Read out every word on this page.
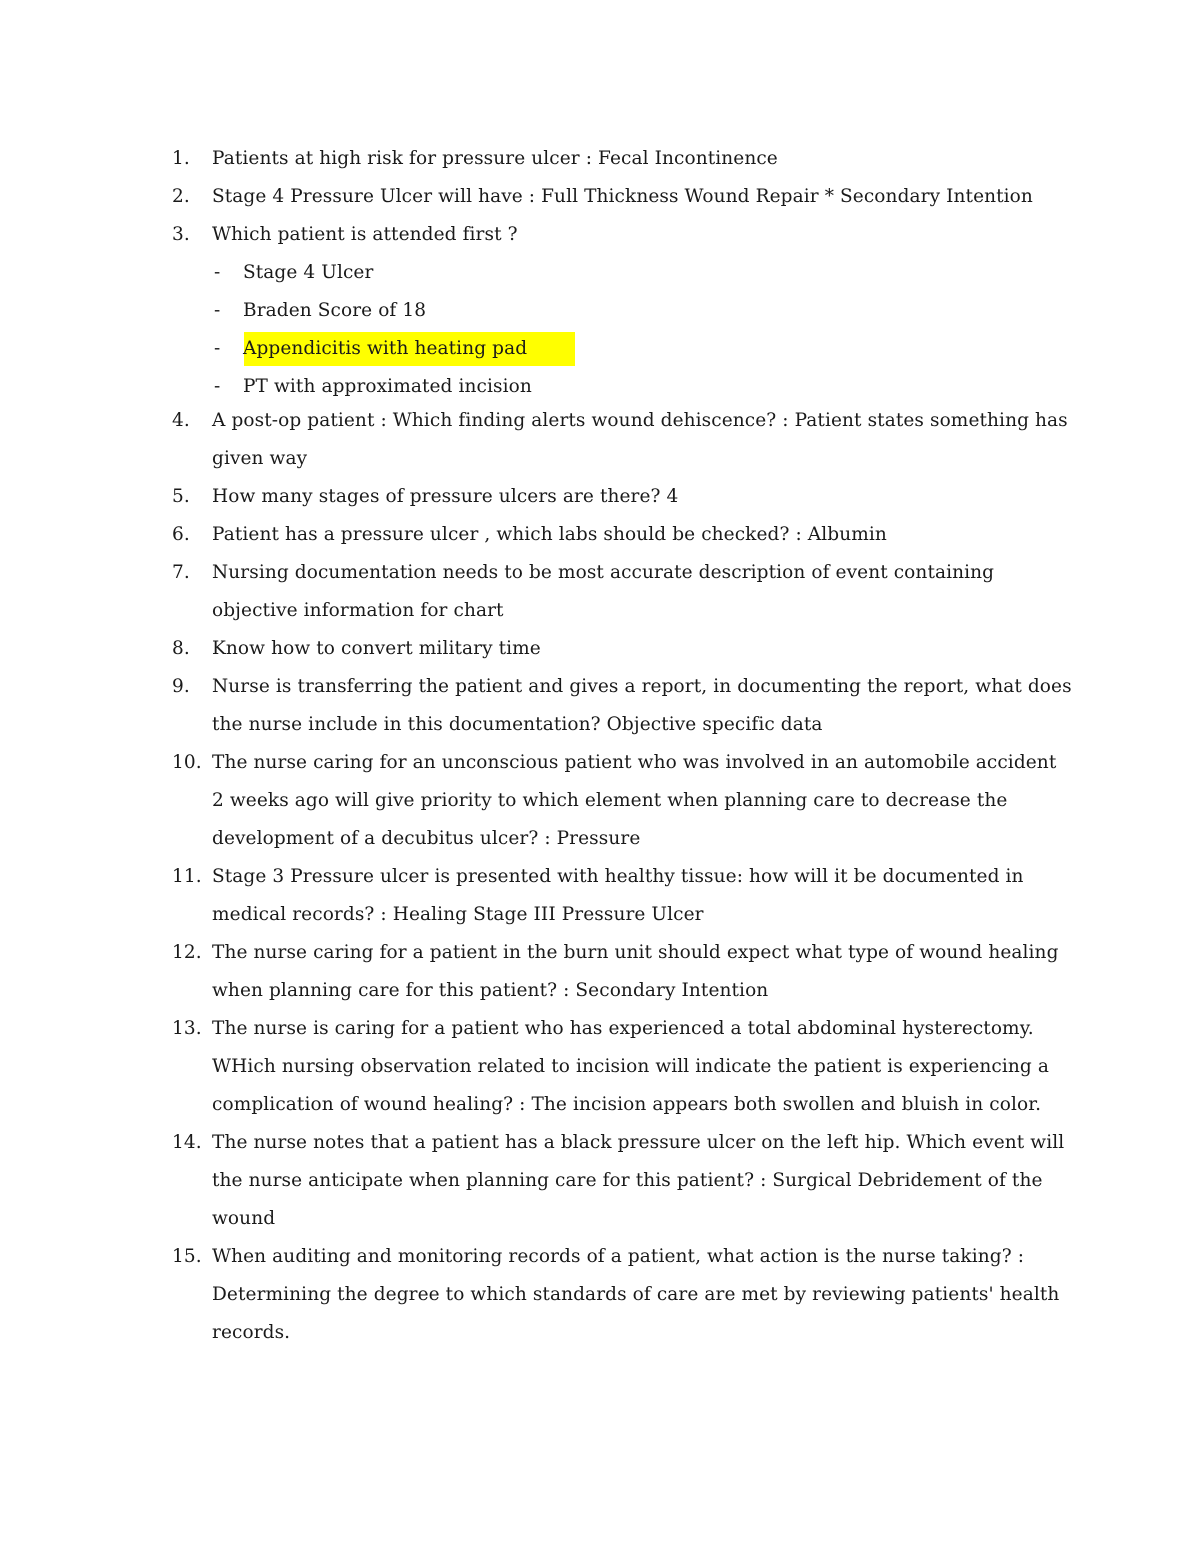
1.	Patients at high risk for pressure ulcer : Fecal Incontinence
2.	Stage 4 Pressure Ulcer will have : Full Thickness Wound Repair * Secondary Intention
3.	Which patient is attended first ?
- Stage 4 Ulcer
- Braden Score of 18
- Appendicitis with heating pad
- PT with approximated incision
4.	A post-op patient : Which finding alerts wound dehiscence? : Patient states something has given way
5.	How many stages of pressure ulcers are there? 4
6.	Patient has a pressure ulcer , which labs should be checked? : Albumin
7.	Nursing documentation needs to be most accurate description of event containing objective information for chart
8.	Know how to convert military time
9.	Nurse is transferring the patient and gives a report, in documenting the report, what does the nurse include in this documentation? Objective specific data
10. The nurse caring for an unconscious patient who was involved in an automobile accident 2 weeks ago will give priority to which element when planning care to decrease the development of a decubitus ulcer? : Pressure
11. Stage 3 Pressure ulcer is presented with healthy tissue: how will it be documented in medical records? : Healing Stage III Pressure Ulcer
12. The nurse caring for a patient in the burn unit should expect what type of wound healing when planning care for this patient? : Secondary Intention
13. The nurse is caring for a patient who has experienced a total abdominal hysterectomy. WHich nursing observation related to incision will indicate the patient is experiencing a complication of wound healing? : The incision appears both swollen and bluish in color.
14. The nurse notes that a patient has a black pressure ulcer on the left hip. Which event will the nurse anticipate when planning care for this patient? : Surgical Debridement of the wound
15. When auditing and monitoring records of a patient, what action is the nurse taking? : Determining the degree to which standards of care are met by reviewing patients' health records.
